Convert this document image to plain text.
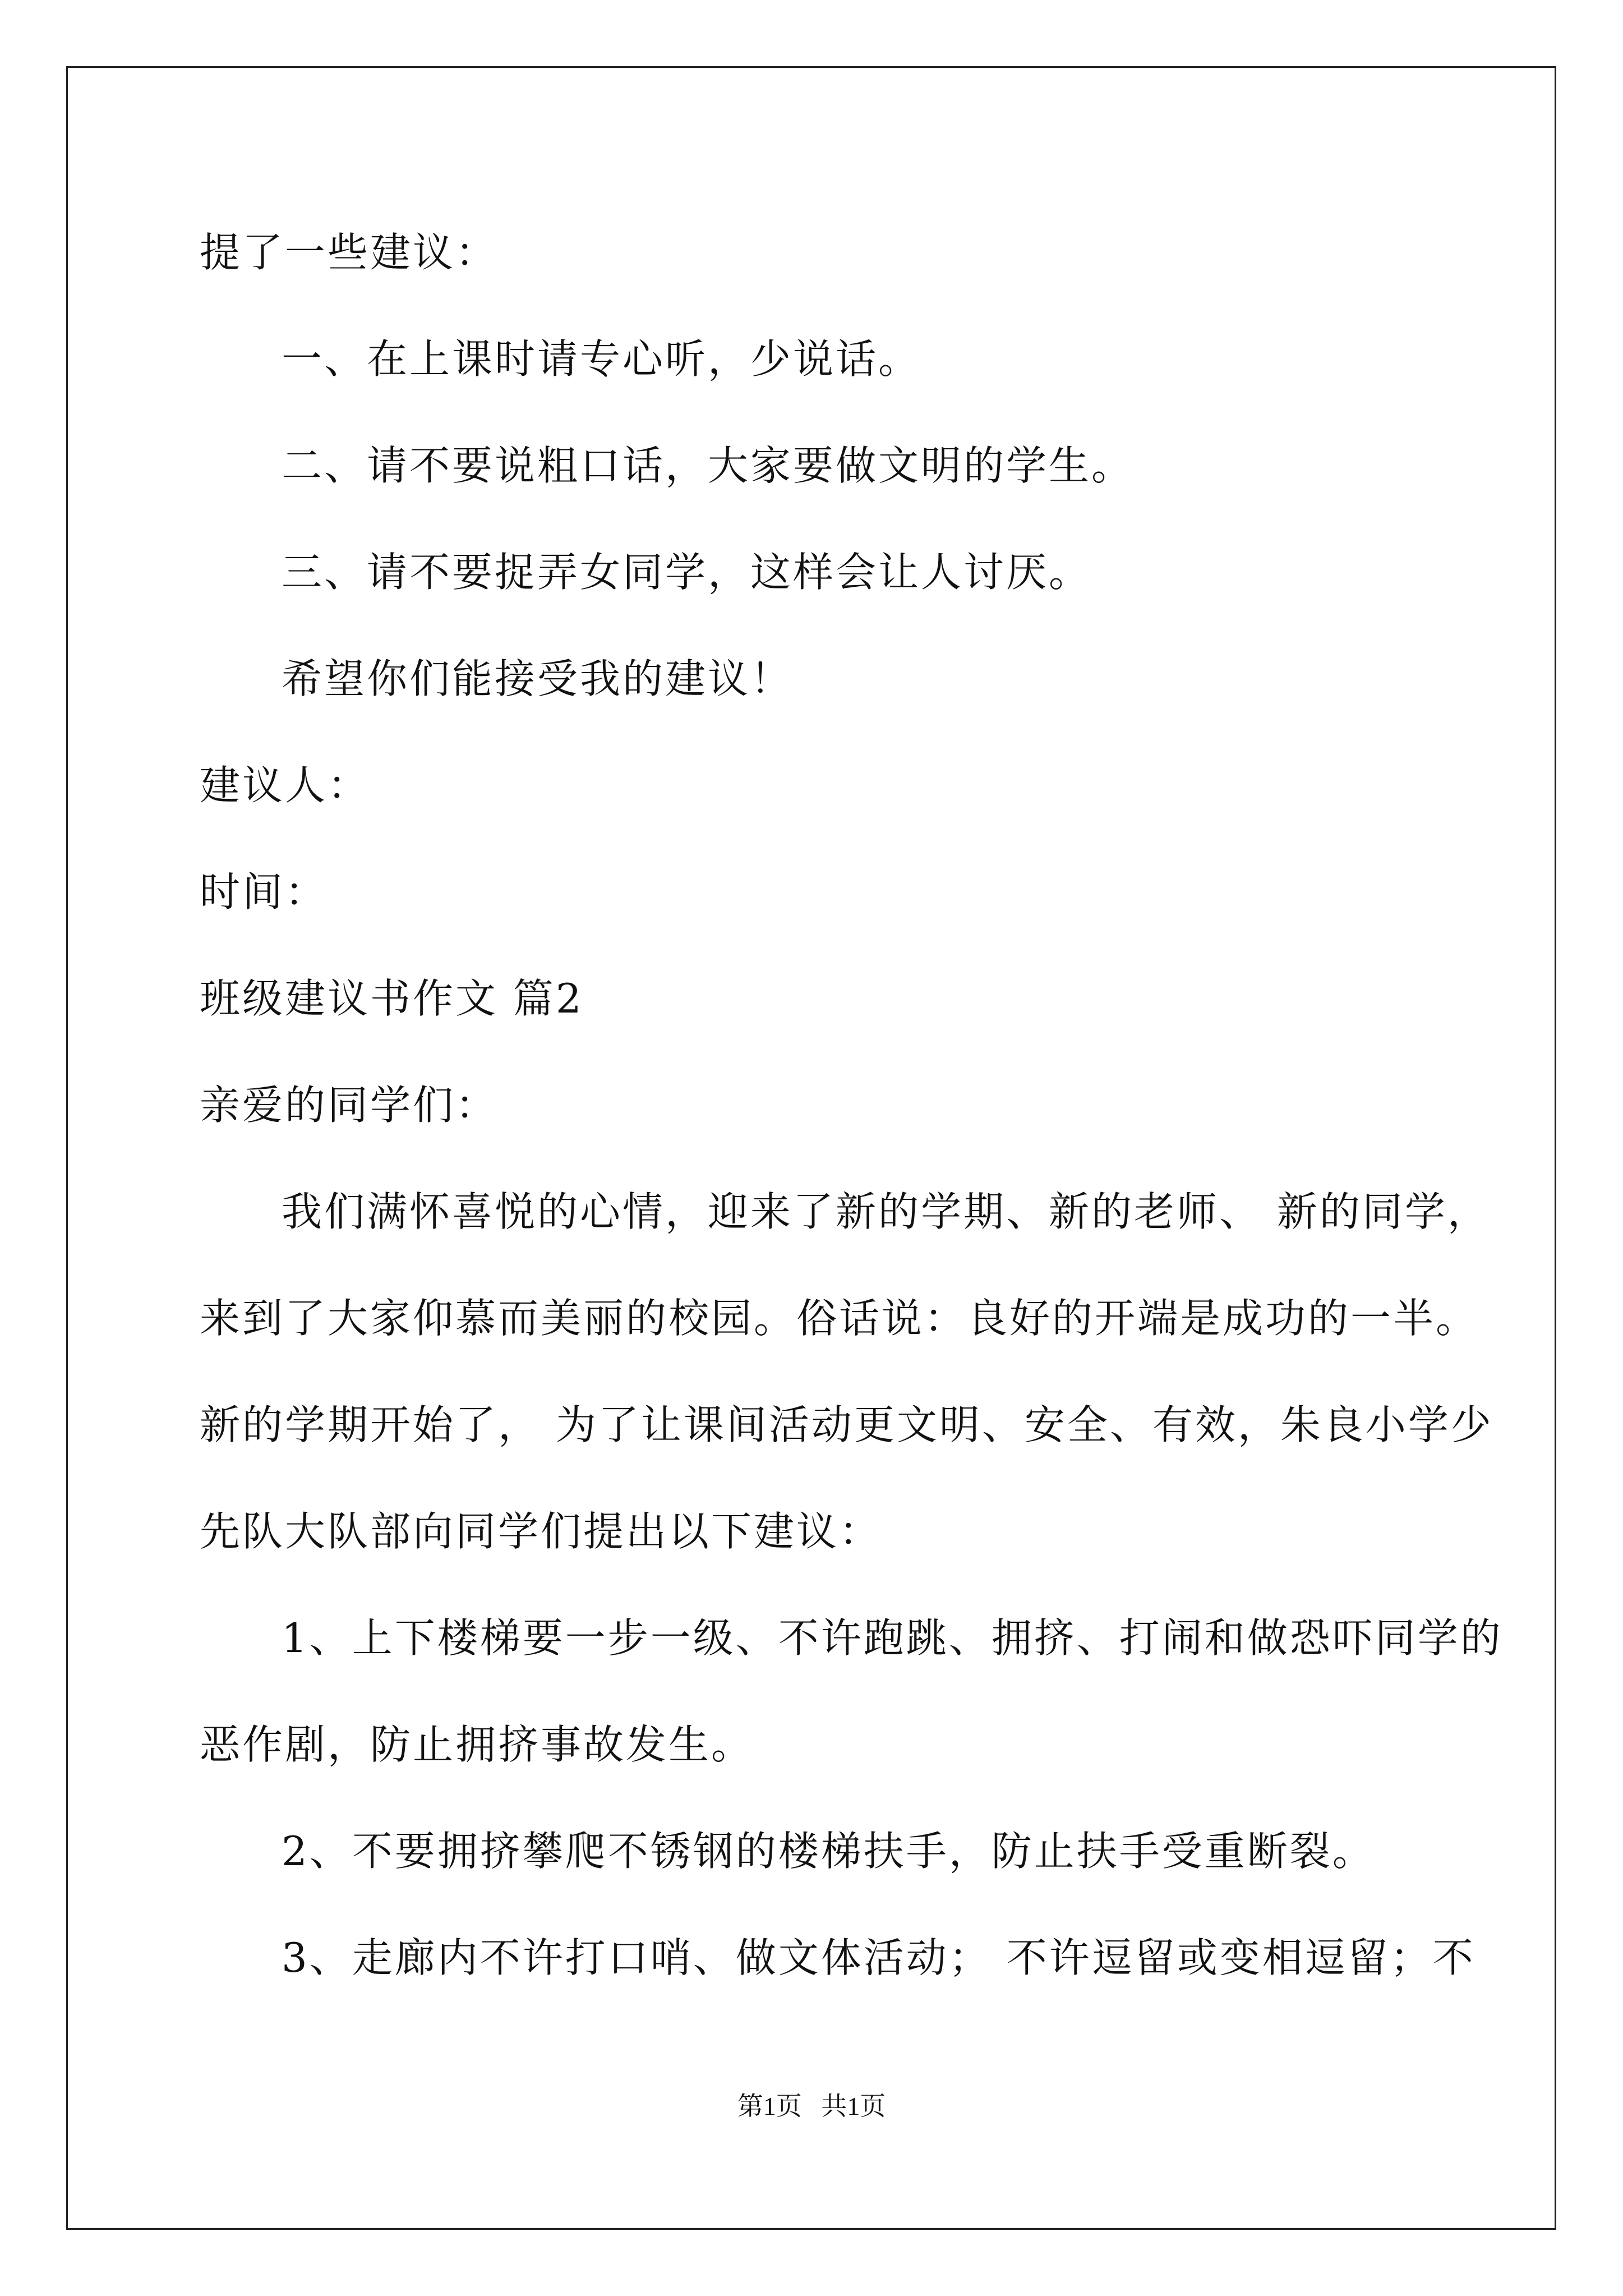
提了一些建议：
一、在上课时请专心听，少说话。
二、请不要说粗口话，大家要做文明的学生。
三、请不要捉弄女同学，这样会让人讨厌。
希望你们能接受我的建议！
建议人：
时间：
班级建议书作文 篇2
亲爱的同学们：
我们满怀喜悦的心情，迎来了新的学期、新的老师、 新的同学，
来到了大家仰慕而美丽的校园。俗话说：良好的开端是成功的一半。
新的学期开始了， 为了让课间活动更文明、安全、有效，朱良小学少
先队大队部向同学们提出以下建议：
1、上下楼梯要一步一级、不许跑跳、拥挤、打闹和做恐吓同学的
恶作剧，防止拥挤事故发生。
2、不要拥挤攀爬不锈钢的楼梯扶手，防止扶手受重断裂。
3、走廊内不许打口哨、做文体活动； 不许逗留或变相逗留；不
第1页   共1页
